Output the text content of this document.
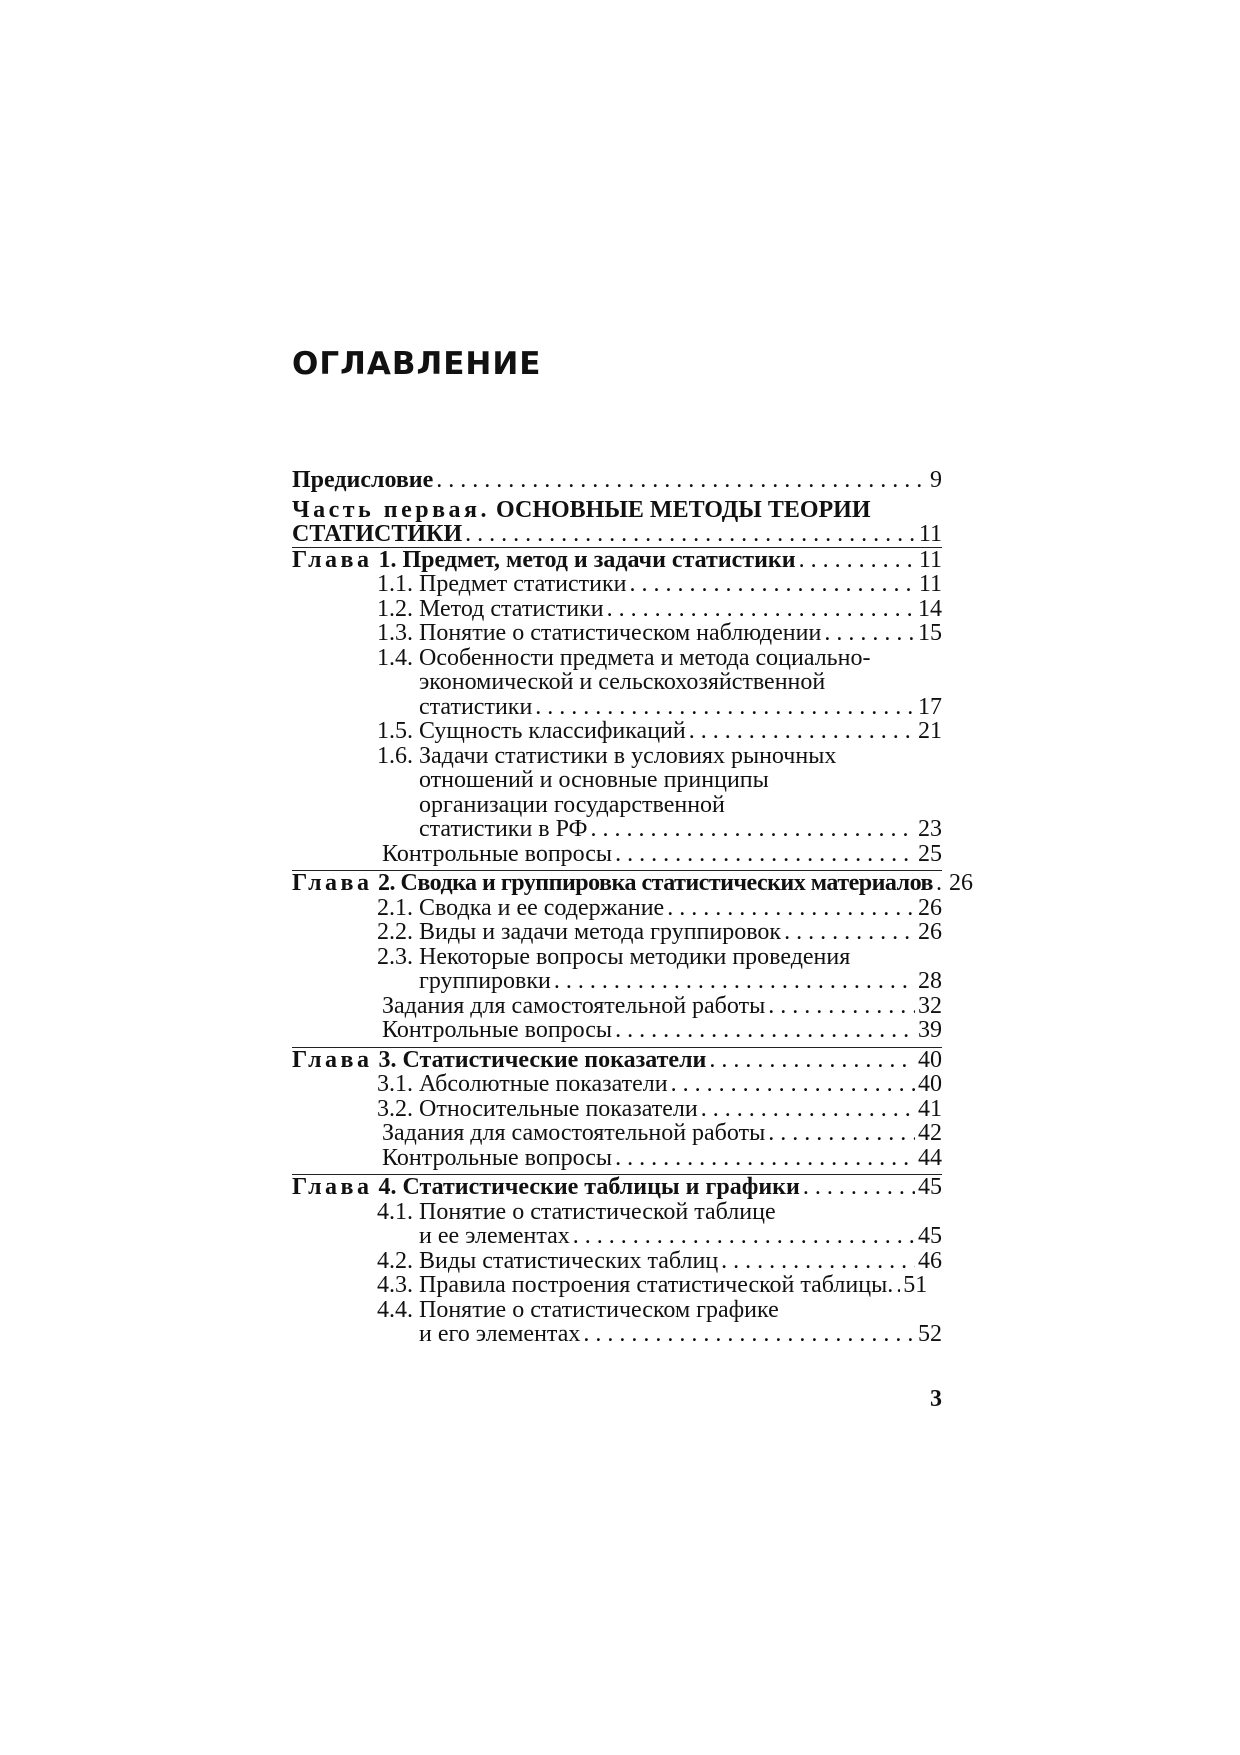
ОГЛАВЛЕНИЕ
Предисловие . . .	9
Часть первая. ОСНОВНЫЕ МЕТОДЫ ТЕОРИИ
СТАТИСТИКИ . . .	11
Глава 1. Предмет, метод и задачи статистики . . .	11
1.1. Предмет статистики . . .	11
1.2. Метод статистики . . .	14
1.3. Понятие о статистическом наблюдении . . .	15
1.4. Особенности предмета и метода социально-
экономической и сельскохозяйственной
статистики . . .	17
1.5. Сущность классификаций . . .	21
1.6. Задачи статистики в условиях рыночных
отношений и основные принципы
организации государственной
статистики в РФ . . .	23
Контрольные вопросы . . .	25
Глава 2. Сводка и группировка статистических материалов . . . 26
2.1. Сводка и ее содержание . . .	26
2.2. Виды и задачи метода группировок . . .	26
2.3. Некоторые вопросы методики проведения
группировки . . .	28
Задания для самостоятельной работы . . .	32
Контрольные вопросы . . .	39
Глава 3. Статистические показатели . . .	40
3.1. Абсолютные показатели . . .	40
3.2. Относительные показатели . . .	41
Задания для самостоятельной работы . . .	42
Контрольные вопросы . . .	44
Глава 4. Статистические таблицы и графики . . .	45
4.1. Понятие о статистической таблице
и ее элементах . . .	45
4.2. Виды статистических таблиц . . .	46
4.3. Правила построения статистической таблицы. . . . 51
4.4. Понятие о статистическом графике
и его элементах . . .	52
3
